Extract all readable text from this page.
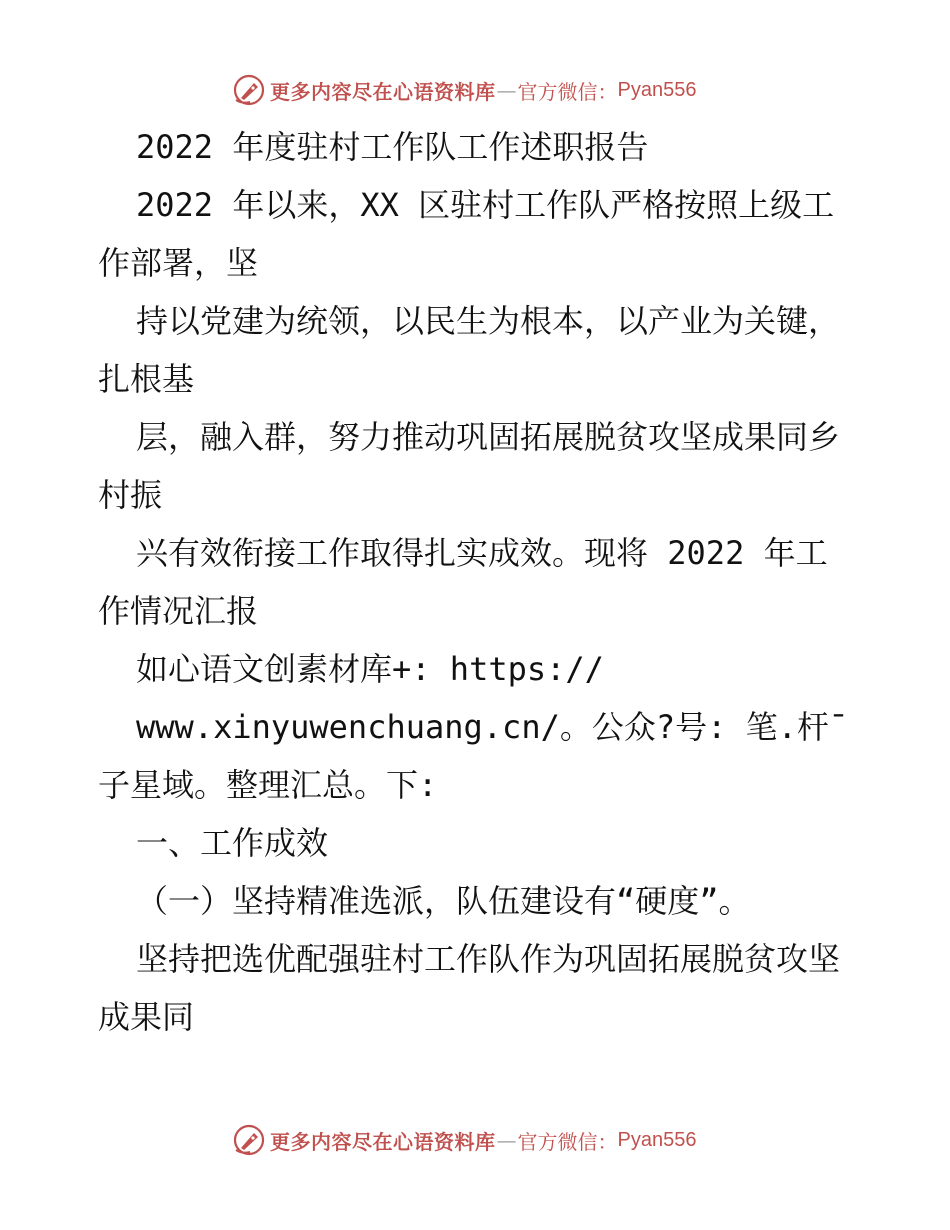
更多内容尽在心语资料库 — 官方微信： Pyan556

2022 年度驻村工作队工作述职报告

2022 年以来，XX 区驻村工作队严格按照上级工作部署，坚

持以党建为统领，以民生为根本，以产业为关键，扎根基

层，融入群，努力推动巩固拓展脱贫攻坚成果同乡村振

兴有效衔接工作取得扎实成效。现将 2022 年工作情况汇报

如心语文创素材库+: https://

www.xinyuwenchuang.cn/。公众?号: 笔.杆¯子星域。整理汇总。下:

一、工作成效

（一）坚持精准选派，队伍建设有“硬度”。

坚持把选优配强驻村工作队作为巩固拓展脱贫攻坚成果同

更多内容尽在心语资料库 — 官方微信： Pyan556
